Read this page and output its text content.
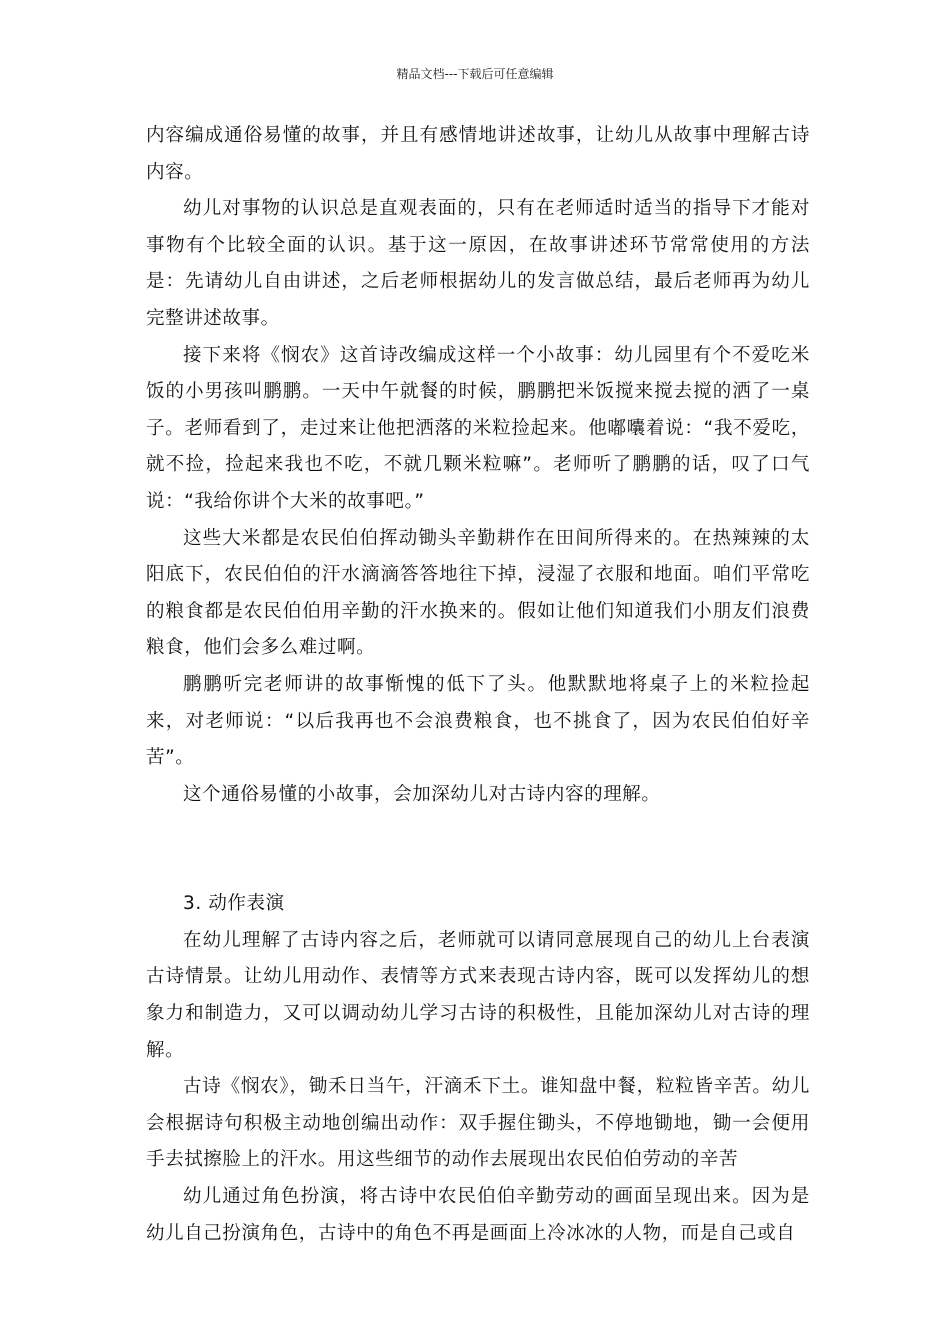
精品文档---下载后可任意编辑

内容编成通俗易懂的故事，并且有感情地讲述故事，让幼儿从故事中理解古诗内容。

幼儿对事物的认识总是直观表面的，只有在老师适时适当的指导下才能对事物有个比较全面的认识。基于这一原因，在故事讲述环节常常使用的方法是：先请幼儿自由讲述，之后老师根据幼儿的发言做总结，最后老师再为幼儿完整讲述故事。

接下来将《悯农》这首诗改编成这样一个小故事：幼儿园里有个不爱吃米饭的小男孩叫鹏鹏。一天中午就餐的时候，鹏鹏把米饭搅来搅去搅的洒了一桌子。老师看到了，走过来让他把洒落的米粒捡起来。他嘟囔着说：“我不爱吃，就不捡，捡起来我也不吃，不就几颗米粒嘛”。老师听了鹏鹏的话，叹了口气说：“我给你讲个大米的故事吧。”

这些大米都是农民伯伯挥动锄头辛勤耕作在田间所得来的。在热辣辣的太阳底下，农民伯伯的汗水滴滴答答地往下掉，浸湿了衣服和地面。咱们平常吃的粮食都是农民伯伯用辛勤的汗水换来的。假如让他们知道我们小朋友们浪费粮食，他们会多么难过啊。

鹏鹏听完老师讲的故事惭愧的低下了头。他默默地将桌子上的米粒捡起来，对老师说：“以后我再也不会浪费粮食，也不挑食了，因为农民伯伯好辛苦”。

这个通俗易懂的小故事，会加深幼儿对古诗内容的理解。

3. 动作表演

在幼儿理解了古诗内容之后，老师就可以请同意展现自己的幼儿上台表演古诗情景。让幼儿用动作、表情等方式来表现古诗内容，既可以发挥幼儿的想象力和制造力，又可以调动幼儿学习古诗的积极性，且能加深幼儿对古诗的理解。

古诗《悯农》，锄禾日当午，汗滴禾下土。谁知盘中餐，粒粒皆辛苦。幼儿会根据诗句积极主动地创编出动作：双手握住锄头，不停地锄地，锄一会便用手去拭擦脸上的汗水。用这些细节的动作去展现出农民伯伯劳动的辛苦

幼儿通过角色扮演，将古诗中农民伯伯辛勤劳动的画面呈现出来。因为是幼儿自己扮演角色，古诗中的角色不再是画面上冷冰冰的人物，而是自己或自
